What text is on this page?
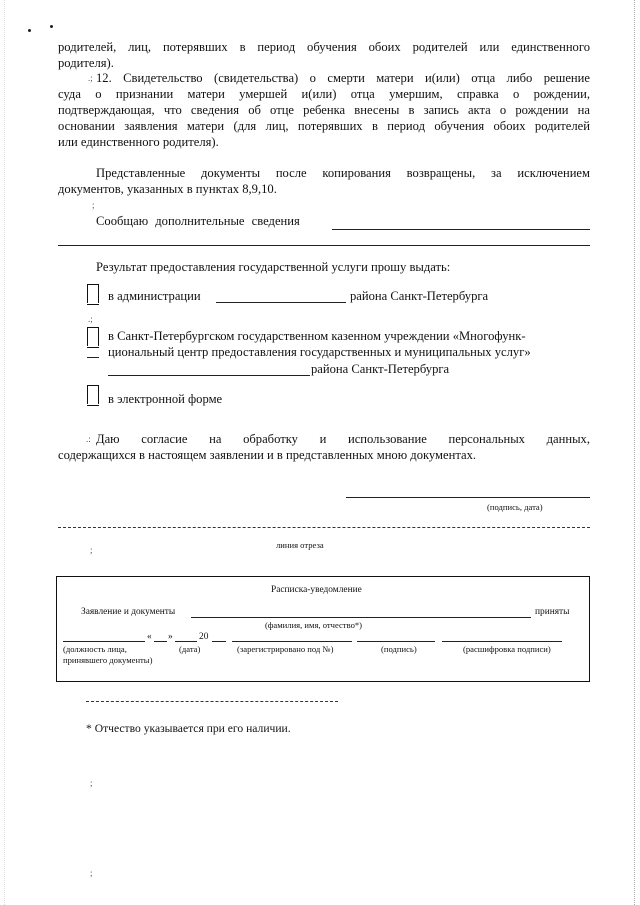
родителей, лиц, потерявших в период обучения обоих родителей или единственного
родителя).
.; 12. Свидетельство (свидетельства) о смерти матери и(или) отца либо решение
суда о признании матери умершей и(или) отца умершим, справка о рождении,
подтверждающая, что сведения об отце ребенка внесены в запись акта о рождении на
основании заявления матери (для лиц, потерявших в период обучения обоих родителей
или единственного родителя).
Представленные документы после копирования возвращены, за исключением
документов, указанных в пунктах 8,9,10.
;
Сообщаю дополнительные сведения
Результат предоставления государственной услуги прошу выдать:
в администрации	района Санкт-Петербурга
.;
в Санкт-Петербургском государственном казенном учреждении «Многофунк-
циональный центр предоставления государственных и муниципальных услуг»
района Санкт-Петербурга
в электронной форме
.: Даю согласие на обработку и использование персональных данных,
содержащихся в настоящем заявлении и в представленных мною документах.
(подпись, дата)
;	линия отреза
Расписка-уведомление
Заявление и документы	приняты
(фамилия, имя, отчество*)
« »	20
(должность лица,
принявшего документы)
(дата)	(зарегистрировано под №)	(подпись)	(расшифровка подписи)
* Отчество указывается при его наличии.
;
;
